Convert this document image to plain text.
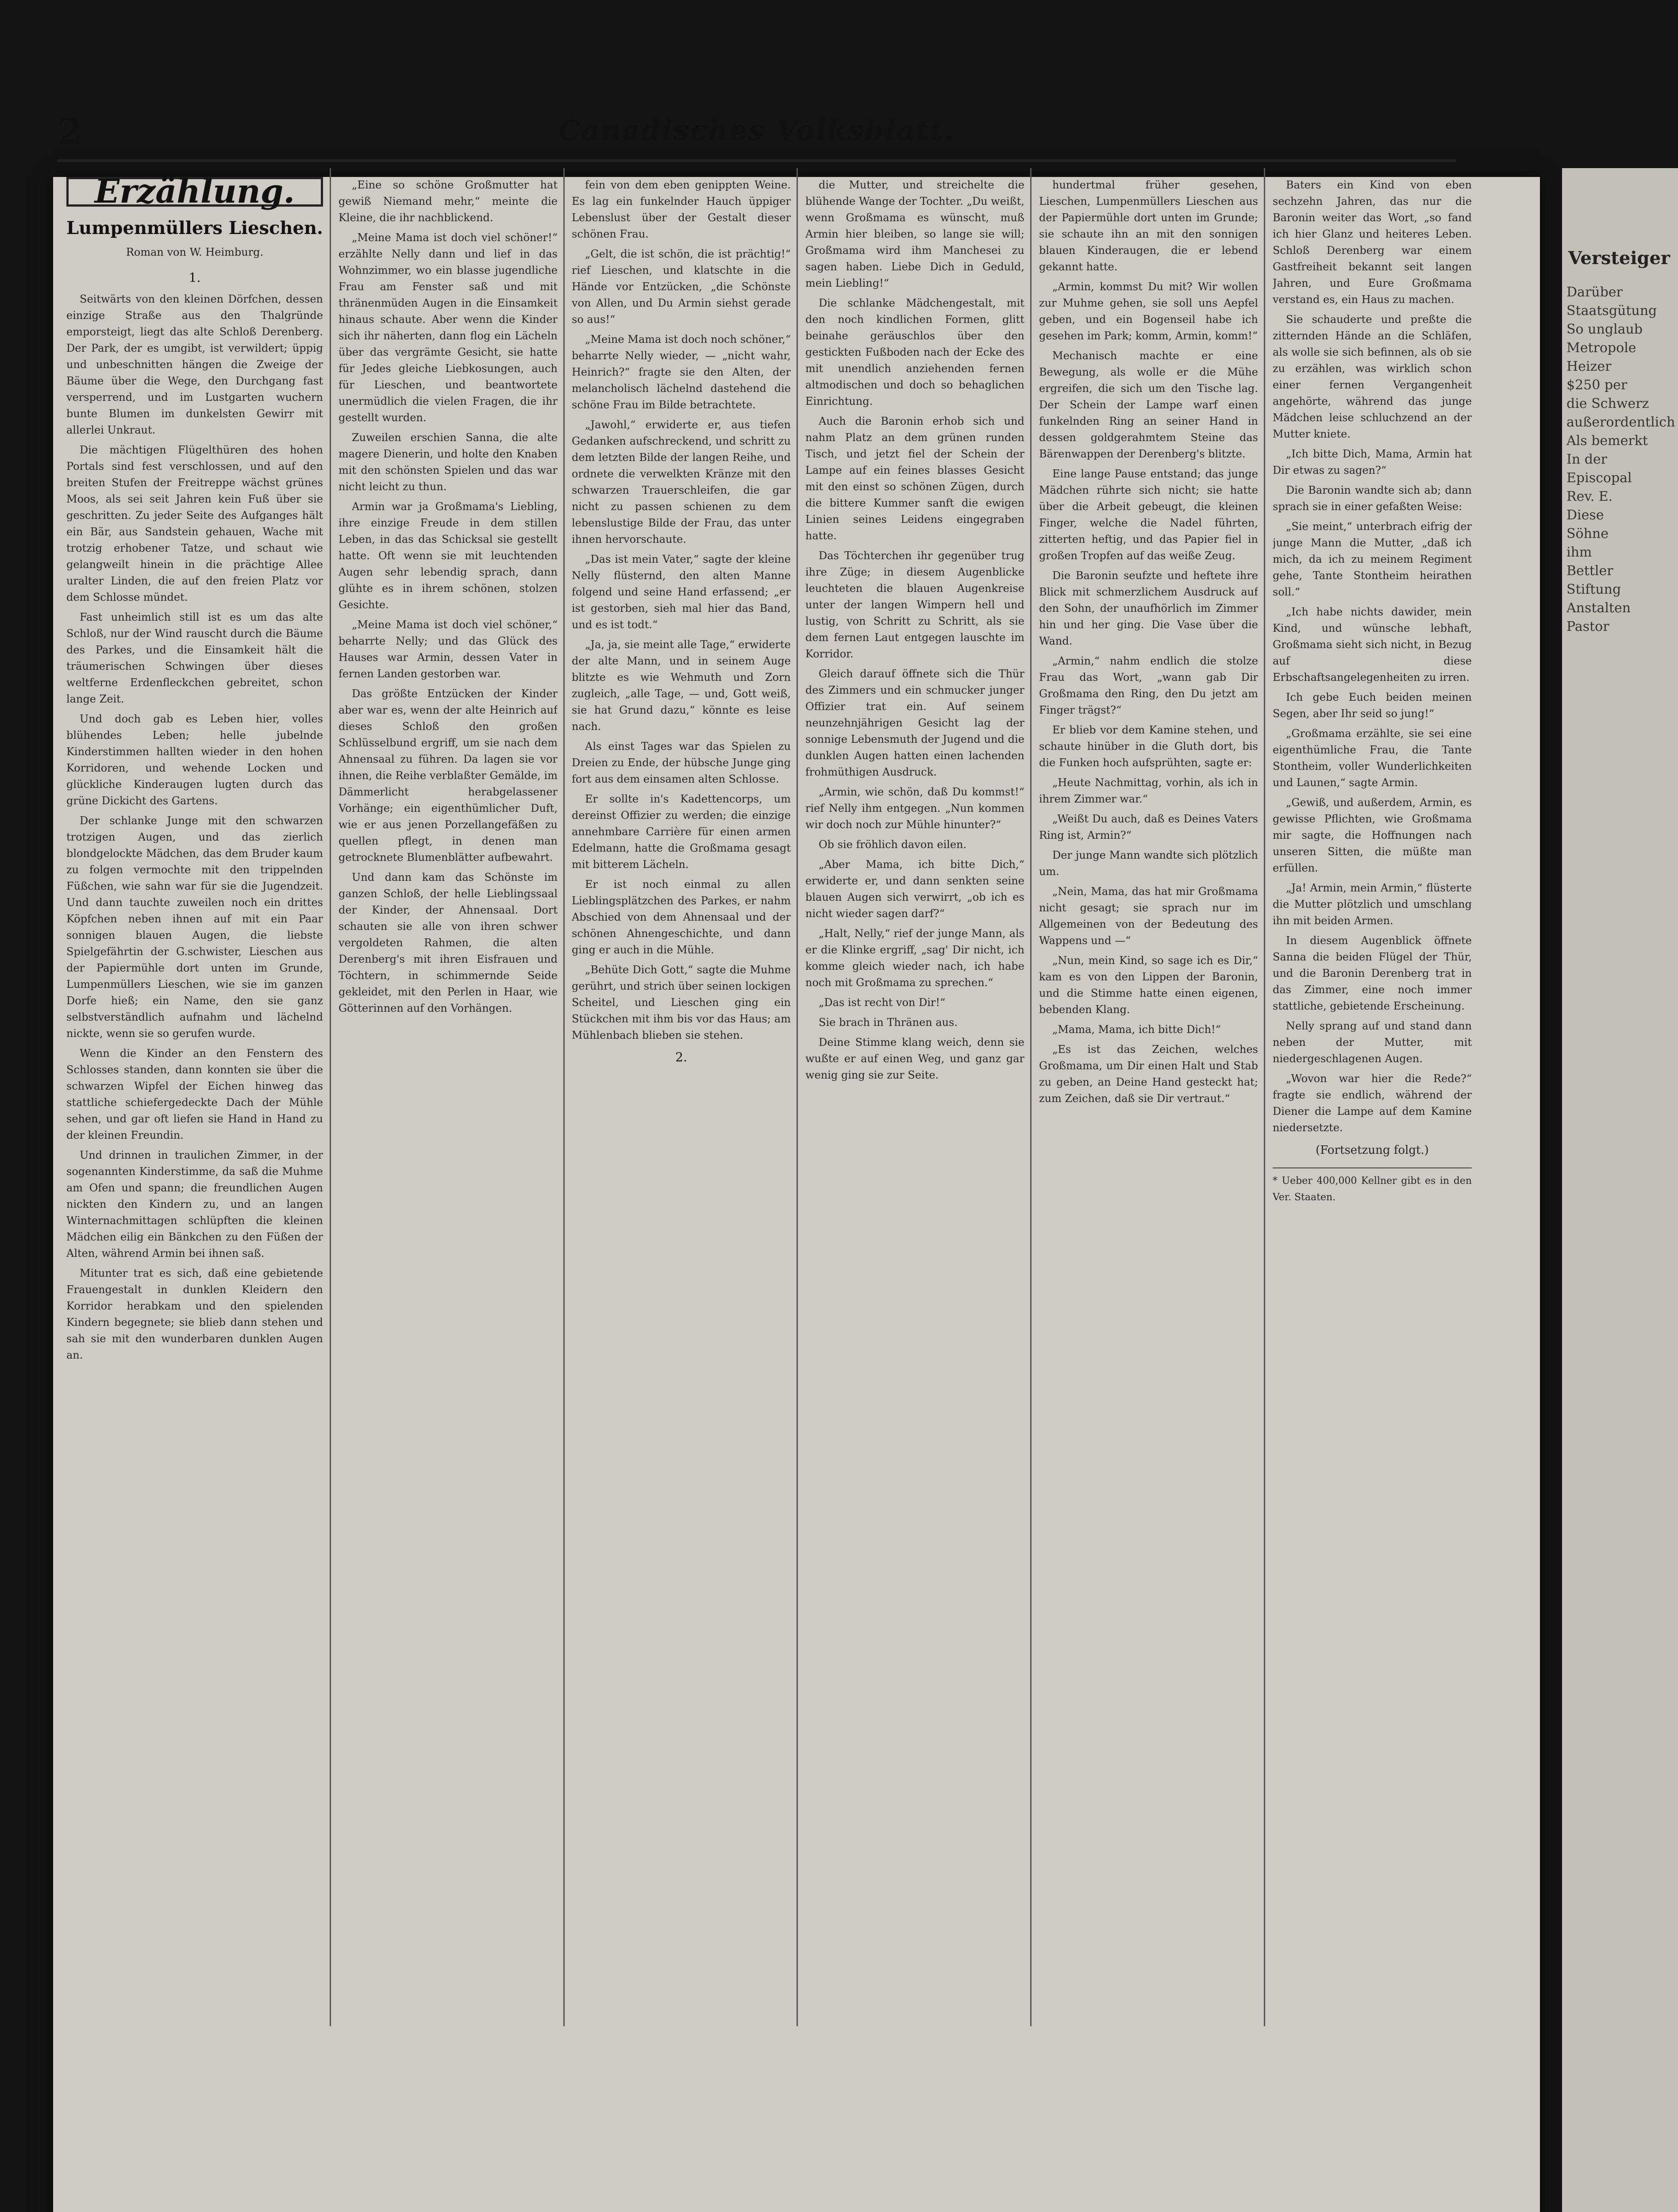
Versteiger
Darüber
Staatsgütung
So unglaub
Metropole
Heizer
$250 per
die Schwerz
außerordentlich
Als bemerkt
In der
Episcopal
Rev. E.
Diese
Söhne
ihm
Bettler
Stiftung
Anstalten
Pastor
2	Canadisches Volksblatt.
Erzählung.
Lumpenmüllers Lieschen.
Roman von W. Heimburg.
1.

Seitwärts von den kleinen Dörfchen, dessen einzige Straße aus den Thalgründe emporsteigt, liegt das alte Schloß Derenberg. Der Park, der es umgibt, ist verwildert; üppig und unbeschnitten hängen die Zweige der Bäume über die Wege, den Durchgang fast versperrend, und im Lustgarten wuchern bunte Blumen im dunkelsten Gewirr mit allerlei Unkraut.

Die mächtigen Flügelthüren des hohen Portals sind fest verschlossen, und auf den breiten Stufen der Freitreppe wächst grünes Moos, als sei seit Jahren kein Fuß über sie geschritten. Zu jeder Seite des Aufganges hält ein Bär, aus Sandstein gehauen, Wache mit trotzig erhobener Tatze, und schaut wie gelangweilt hinein in die prächtige Allee uralter Linden, die auf den freien Platz vor dem Schlosse mündet.

Fast unheimlich still ist es um das alte Schloß, nur der Wind rauscht durch die Bäume des Parkes, und die Einsamkeit hält die träumerischen Schwingen über dieses weltferne Erdenfleckchen gebreitet, schon lange Zeit.

Und doch gab es Leben hier, volles blühendes Leben; helle jubelnde Kinderstimmen hallten wieder in den hohen Korridoren, und wehende Locken und glückliche Kinderaugen lugten durch das grüne Dickicht des Gartens.

Der schlanke Junge mit den schwarzen trotzigen Augen, und das zierlich blondgelockte Mädchen, das dem Bruder kaum zu folgen vermochte mit den trippelnden Füßchen, wie sahn war für sie die Jugendzeit. Und dann tauchte zuweilen noch ein drittes Köpfchen neben ihnen auf mit ein Paar sonnigen blauen Augen, die liebste Spielgefährtin der G.schwister, Lieschen aus der Papiermühle dort unten im Grunde, Lumpenmüllers Lieschen, wie sie im ganzen Dorfe hieß; ein Name, den sie ganz selbstverständlich aufnahm und lächelnd nickte, wenn sie so gerufen wurde.

Wenn die Kinder an den Fenstern des Schlosses standen, dann konnten sie über die schwarzen Wipfel der Eichen hinweg das stattliche schiefergedeckte Dach der Mühle sehen, und gar oft liefen sie Hand in Hand zu der kleinen Freundin.

Und drinnen in traulichen Zimmer, in der sogenannten Kinderstimme, da saß die Muhme am Ofen und spann; die freundlichen Augen nickten den Kindern zu, und an langen Winternachmittagen schlüpften die kleinen Mädchen eilig ein Bänkchen zu den Füßen der Alten, während Armin bei ihnen saß.

Mitunter trat es sich, daß eine gebietende Frauengestalt in dunklen Kleidern den Korridor herabkam und den spielenden Kindern begegnete; sie blieb dann stehen und sah sie mit den wunderbaren dunklen Augen an.

„Eine so schöne Großmutter hat gewiß Niemand mehr,“ meinte die Kleine, die ihr nachblickend.

„Meine Mama ist doch viel schöner!“ erzählte Nelly dann und lief in das Wohnzimmer, wo ein blasse jugendliche Frau am Fenster saß und mit thränenmüden Augen in die Einsamkeit hinaus schaute. Aber wenn die Kinder sich ihr näherten, dann flog ein Lächeln über das vergrämte Gesicht, sie hatte für Jedes gleiche Liebkosungen, auch für Lieschen, und beantwortete unermüdlich die vielen Fragen, die ihr gestellt wurden.

Zuweilen erschien Sanna, die alte magere Dienerin, und holte den Knaben mit den schönsten Spielen und das war nicht leicht zu thun.

Armin war ja Großmama's Liebling, ihre einzige Freude in dem stillen Leben, in das das Schicksal sie gestellt hatte. Oft wenn sie mit leuchtenden Augen sehr lebendig sprach, dann glühte es in ihrem schönen, stolzen Gesichte.

„Meine Mama ist doch viel schöner,“ beharrte Nelly; und das Glück des Hauses war Armin, dessen Vater in fernen Landen gestorben war.

Das größte Entzücken der Kinder aber war es, wenn der alte Heinrich auf dieses Schloß den großen Schlüsselbund ergriff, um sie nach dem Ahnensaal zu führen. Da lagen sie vor ihnen, die Reihe verblaßter Gemälde, im Dämmerlicht herabgelassener Vorhänge; ein eigenthümlicher Duft, wie er aus jenen Porzellangefäßen zu quellen pflegt, in denen man getrocknete Blumenblätter aufbewahrt.

Und dann kam das Schönste im ganzen Schloß, der helle Lieblingssaal der Kinder, der Ahnensaal. Dort schauten sie alle von ihren schwer vergoldeten Rahmen, die alten Derenberg's mit ihren Eisfrauen und Töchtern, in schimmernde Seide gekleidet, mit den Perlen in Haar, wie Götterinnen auf den Vorhängen.

fein von dem eben genippten Weine. Es lag ein funkelnder Hauch üppiger Lebenslust über der Gestalt dieser schönen Frau.

„Gelt, die ist schön, die ist prächtig!“ rief Lieschen, und klatschte in die Hände vor Entzücken, „die Schönste von Allen, und Du Armin siehst gerade so aus!“

„Meine Mama ist doch noch schöner,“ beharrte Nelly wieder, — „nicht wahr, Heinrich?“ fragte sie den Alten, der melancholisch lächelnd dastehend die schöne Frau im Bilde betrachtete.

„Jawohl,“ erwiderte er, aus tiefen Gedanken aufschreckend, und schritt zu dem letzten Bilde der langen Reihe, und ordnete die verwelkten Kränze mit den schwarzen Trauerschleifen, die gar nicht zu passen schienen zu dem lebenslustige Bilde der Frau, das unter ihnen hervorschaute.

„Das ist mein Vater,“ sagte der kleine Nelly flüsternd, den alten Manne folgend und seine Hand erfassend; „er ist gestorben, sieh mal hier das Band, und es ist todt.“

„Ja, ja, sie meint alle Tage,“ erwiderte der alte Mann, und in seinem Auge blitzte es wie Wehmuth und Zorn zugleich, „alle Tage, — und, Gott weiß, sie hat Grund dazu,“ könnte es leise nach.

Als einst Tages war das Spielen zu Dreien zu Ende, der hübsche Junge ging fort aus dem einsamen alten Schlosse.

Er sollte in's Kadettencorps, um dereinst Offizier zu werden; die einzige annehmbare Carrière für einen armen Edelmann, hatte die Großmama gesagt mit bitterem Lächeln.

Er ist noch einmal zu allen Lieblingsplätzchen des Parkes, er nahm Abschied von dem Ahnensaal und der schönen Ahnengeschichte, und dann ging er auch in die Mühle.

„Behüte Dich Gott,“ sagte die Muhme gerührt, und strich über seinen lockigen Scheitel, und Lieschen ging ein Stückchen mit ihm bis vor das Haus; am Mühlenbach blieben sie stehen.

2.

die Mutter, und streichelte die blühende Wange der Tochter. „Du weißt, wenn Großmama es wünscht, muß Armin hier bleiben, so lange sie will; Großmama wird ihm Manchesei zu sagen haben. Liebe Dich in Geduld, mein Liebling!“

Die schlanke Mädchengestalt, mit den noch kindlichen Formen, glitt beinahe geräuschlos über den gestickten Fußboden nach der Ecke des mit unendlich anziehenden fernen altmodischen und doch so behaglichen Einrichtung.

Auch die Baronin erhob sich und nahm Platz an dem grünen runden Tisch, und jetzt fiel der Schein der Lampe auf ein feines blasses Gesicht mit den einst so schönen Zügen, durch die bittere Kummer sanft die ewigen Linien seines Leidens eingegraben hatte.

Das Töchterchen ihr gegenüber trug ihre Züge; in diesem Augenblicke leuchteten die blauen Augenkreise unter der langen Wimpern hell und lustig, von Schritt zu Schritt, als sie dem fernen Laut entgegen lauschte im Korridor.

Gleich darauf öffnete sich die Thür des Zimmers und ein schmucker junger Offizier trat ein. Auf seinem neunzehnjährigen Gesicht lag der sonnige Lebensmuth der Jugend und die dunklen Augen hatten einen lachenden frohmüthigen Ausdruck.

„Armin, wie schön, daß Du kommst!“ rief Nelly ihm entgegen. „Nun kommen wir doch noch zur Mühle hinunter?“

Ob sie fröhlich davon eilen.

„Aber Mama, ich bitte Dich,“ erwiderte er, und dann senkten seine blauen Augen sich verwirrt, „ob ich es nicht wieder sagen darf?“

„Halt, Nelly,“ rief der junge Mann, als er die Klinke ergriff, „sag' Dir nicht, ich komme gleich wieder nach, ich habe noch mit Großmama zu sprechen.“

„Das ist recht von Dir!“

Sie brach in Thränen aus.

Deine Stimme klang weich, denn sie wußte er auf einen Weg, und ganz gar wenig ging sie zur Seite.

hundertmal früher gesehen, Lieschen, Lumpenmüllers Lieschen aus der Papiermühle dort unten im Grunde; sie schaute ihn an mit den sonnigen blauen Kinderaugen, die er lebend gekannt hatte.

„Armin, kommst Du mit? Wir wollen zur Muhme gehen, sie soll uns Aepfel geben, und ein Bogenseil habe ich gesehen im Park; komm, Armin, komm!“

Mechanisch machte er eine Bewegung, als wolle er die Mühe ergreifen, die sich um den Tische lag. Der Schein der Lampe warf einen funkelnden Ring an seiner Hand in dessen goldgerahmtem Steine das Bärenwappen der Derenberg's blitzte.

Eine lange Pause entstand; das junge Mädchen rührte sich nicht; sie hatte über die Arbeit gebeugt, die kleinen Finger, welche die Nadel führten, zitterten heftig, und das Papier fiel in großen Tropfen auf das weiße Zeug.

Die Baronin seufzte und heftete ihre Blick mit schmerzlichem Ausdruck auf den Sohn, der unaufhörlich im Zimmer hin und her ging. Die Vase über die Wand.

„Armin,“ nahm endlich die stolze Frau das Wort, „wann gab Dir Großmama den Ring, den Du jetzt am Finger trägst?“

Er blieb vor dem Kamine stehen, und schaute hinüber in die Gluth dort, bis die Funken hoch aufsprühten, sagte er:

„Heute Nachmittag, vorhin, als ich in ihrem Zimmer war.“

„Weißt Du auch, daß es Deines Vaters Ring ist, Armin?“

Der junge Mann wandte sich plötzlich um.

„Nein, Mama, das hat mir Großmama nicht gesagt; sie sprach nur im Allgemeinen von der Bedeutung des Wappens und —“

„Nun, mein Kind, so sage ich es Dir,“ kam es von den Lippen der Baronin, und die Stimme hatte einen eigenen, bebenden Klang.

„Mama, Mama, ich bitte Dich!“

„Es ist das Zeichen, welches Großmama, um Dir einen Halt und Stab zu geben, an Deine Hand gesteckt hat; zum Zeichen, daß sie Dir vertraut.“

Baters ein Kind von eben sechzehn Jahren, das nur die Baronin weiter das Wort, „so fand ich hier Glanz und heiteres Leben. Schloß Derenberg war einem Gastfreiheit bekannt seit langen Jahren, und Eure Großmama verstand es, ein Haus zu machen.

Sie schauderte und preßte die zitternden Hände an die Schläfen, als wolle sie sich befinnen, als ob sie zu erzählen, was wirklich schon einer fernen Vergangenheit angehörte, während das junge Mädchen leise schluchzend an der Mutter kniete.

„Ich bitte Dich, Mama, Armin hat Dir etwas zu sagen?“

Die Baronin wandte sich ab; dann sprach sie in einer gefaßten Weise:

„Sie meint,“ unterbrach eifrig der junge Mann die Mutter, „daß ich mich, da ich zu meinem Regiment gehe, Tante Stontheim heirathen soll.“

„Ich habe nichts dawider, mein Kind, und wünsche lebhaft, Großmama sieht sich nicht, in Bezug auf diese Erbschaftsangelegenheiten zu irren.

Ich gebe Euch beiden meinen Segen, aber Ihr seid so jung!“

„Großmama erzählte, sie sei eine eigenthümliche Frau, die Tante Stontheim, voller Wunderlichkeiten und Launen,“ sagte Armin.

„Gewiß, und außerdem, Armin, es gewisse Pflichten, wie Großmama mir sagte, die Hoffnungen nach unseren Sitten, die müßte man erfüllen.

„Ja! Armin, mein Armin,“ flüsterte die Mutter plötzlich und umschlang ihn mit beiden Armen.

In diesem Augenblick öffnete Sanna die beiden Flügel der Thür, und die Baronin Derenberg trat in das Zimmer, eine noch immer stattliche, gebietende Erscheinung.

Nelly sprang auf und stand dann neben der Mutter, mit niedergeschlagenen Augen.

„Wovon war hier die Rede?“ fragte sie endlich, während der Diener die Lampe auf dem Kamine niedersetzte.

(Fortsetzung folgt.)
* Ueber 400,000 Kellner gibt es in den Ver. Staaten.
